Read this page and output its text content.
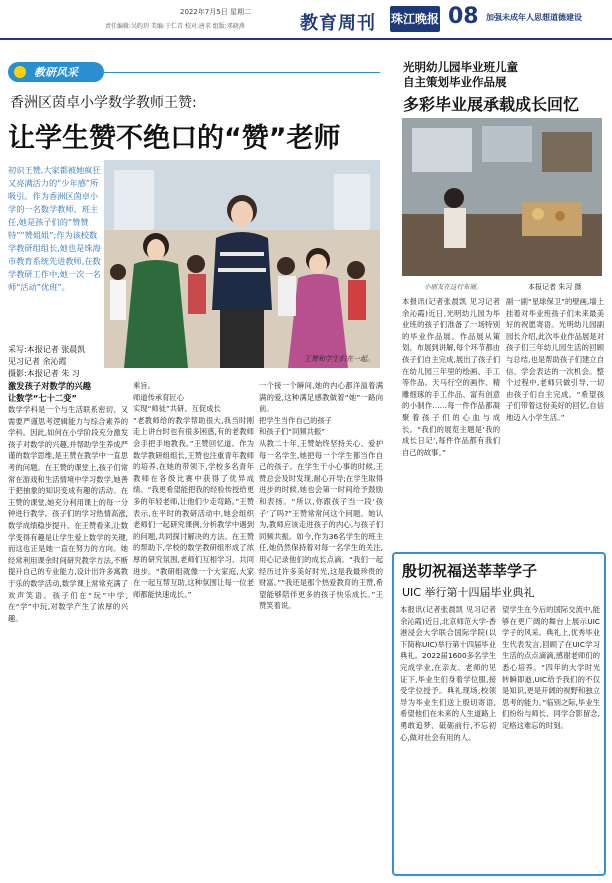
2022年7月5日 星期二
责任编辑:吴昀玥 美编:于仁青 校对:唐求 组版:邓晓燕	教育周刊 珠江晚报 08 加强未成年人思想道德建设
教研风采
香洲区茵卓小学数学教师王赞:
让学生赞不绝口的“赞”老师
初识王赞,大家都被她疯狂又亮满活力的“少年感”所吸引。作为香洲区茵卓小学的一名数学教师、班主任,她是孩子们的“赞赞特”“赞姐姐”;作为该校数学教研组组长,她也是珠海市教育系统先进教师,在数学教研工作中,她一次一名师“活动”优班”。
王赞和学生们在一起。
采写:本报记者 张晨凯
见习记者 余沁霞
摄影:本报记者 朱 习
激发孩子对数学的兴趣
让数学“七十二变”
数学学科是一个与生活联系密切、又需要严谨思考逻辑能力与综合素养的学科。因此,如何在小学阶段充分激发孩子对数学的兴趣,并帮助学生养成严谨的数学思维,是王赞在教学中一直思考的问题。在王赞的课堂上,孩子们常常在游戏和生活情境中学习数学,她善于把抽象的知识变成有趣的活动。在王赞的课堂,她充分利用课上的每一分钟进行教学。孩子们的学习热情高涨,数学成绩稳步提升。在王赞看来,让数学变得有趣是让学生爱上数学的关键,而这也正是她一直在努力的方向。她经常利用课余时间研究教学方法,不断提升自己的专业能力,设计出许多寓教于乐的数学活动,数学课上常常充满了欢声笑语。孩子们在“玩”中学,在“学”中玩,对数学产生了浓厚的兴趣。
乘旨。
师道传承育匠心
实现“师徒”共研、互促成长
“老教师给的教学帮助很大,我当时刚走上讲台时也有很多困惑,有的老教师会手把手地教我。”王赞回忆道。作为数学教研组组长,王赞也注重青年教师的培养,在她的带领下,学校多名青年教师在各级比赛中获得了优异成绩。“我更希望能把我的经验传授给更多的年轻老师,让他们少走弯路。”王赞表示,在平时的教研活动中,她会组织老师们一起研究课例,分析教学中遇到的问题,共同探讨解决的方法。在王赞的帮助下,学校的数学教研组形成了浓厚的研究氛围,老师们互相学习、共同进步。“教研组就像一个大家庭,大家在一起互帮互助,这种氛围让每一位老师都能快速成长。”
一个接一个瞬间,她的内心都洋溢着满满的爱,这种满足感教做着“她”一路向前。
把学生当作自己的孩子
和孩子们“同频共振”
从教二十年,王赞始终坚持关心、爱护每一名学生,她把每一个学生都当作自己的孩子。在学生干小心事的时候,王赞总会及时发现,耐心开导;在学生取得进步的时候,她也会第一时间给予鼓励和表扬。“所以,你跟孩子当一段‘孩子’了吗?”王赞常常问这个问题。她认为,教师应该走进孩子的内心,与孩子们同频共振。如今,作为36名学生的班主任,她仍然保持着对每一名学生的关注,用心记录他们的成长点滴。“我们一起经历过许多美好时光,这是我最珍贵的财富。”“我还是那个热爱教育的王赞,希望能够陪伴更多的孩子快乐成长。”王赞笑着说。
光明幼儿园毕业班儿童
自主策划毕业作品展
多彩毕业展承载成长回忆
小朋友在这行布展。	本报记者 朱习 摄
本报讯(记者张晨凯 见习记者余沁霞)近日,光明幼儿园为毕业班的孩子们准备了一场特别的毕业作品展。作品展从策划、布展到讲解,每个环节都由孩子们自主完成,展出了孩子们在幼儿园三年里的绘画、手工等作品。天马行空的画作、精雕细琢的手工作品、富有创意的小制作……每一件作品都凝聚着孩子们的心血与成长。“我们的展览主题是‘我的成长日记’,每件作品都有我们自己的故事。”
副一副“星球保卫”的壁画,墙上挂着对毕业班孩子们未来最美好的祝愿寄语。光明幼儿园副园长介绍,此次毕业作品展是对孩子们三年幼儿园生活的回顾与总结,也是帮助孩子们建立自信、学会表达的一次机会。整个过程中,老师只做引导,一切由孩子们自主完成。“希望孩子们带着这份美好的回忆,自信地迈入小学生活。”
殷切祝福送莘莘学子
UIC 举行第十四届毕业典礼
本报讯(记者张晨凯 见习记者余沁霞)近日,北京师范大学-香港浸会大学联合国际学院(以下简称UIC)举行第十四届毕业典礼。2022届1600多名学生完成学业,在亲友、老师的见证下,毕业生们身着学位服,接受学位授予。典礼现场,校领导为毕业生们送上殷切寄语,希望他们在未来的人生道路上勇敢追梦、砥砺前行,不忘初心,做对社会有用的人。
望学生在今后的国际交流中,能够在更广阔的舞台上展示UIC学子的风采。典礼上,优秀毕业生代表发言,回顾了在UIC学习生活的点点滴滴,感谢老师们的悉心培养。“四年的大学时光转瞬即逝,UIC给予我们的不仅是知识,更是开阔的视野和独立思考的能力。”临别之际,毕业生们纷纷与师长、同学合影留念,定格这难忘的时刻。
